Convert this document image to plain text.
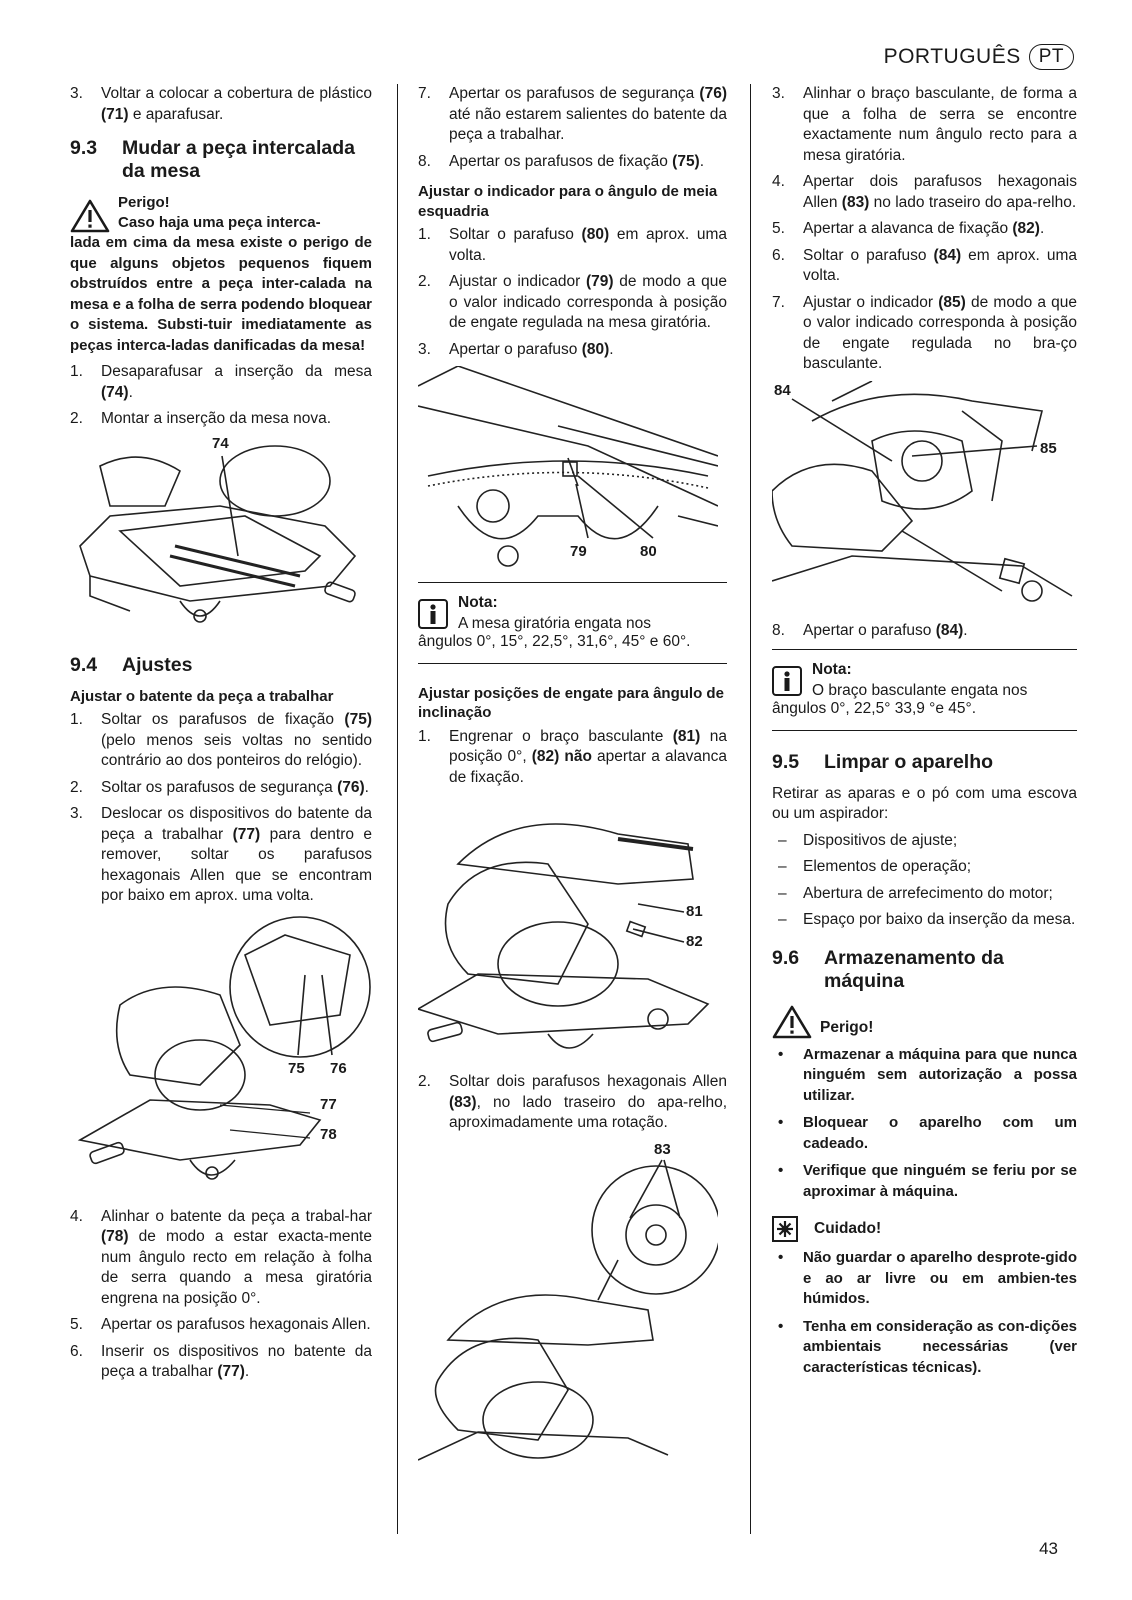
PORTUGUÊS PT
3.	Voltar a colocar a cobertura de plástico (71) e aparafusar.
9.3	Mudar a peça intercalada da mesa
Perigo!
Caso haja uma peça interca-
lada em cima da mesa existe o perigo de que alguns objetos pequenos fiquem obstruídos entre a peça inter-calada na mesa e a folha de serra podendo bloquear o sistema. Substi-tuir imediatamente as peças interca-ladas danificadas da mesa!
1.	Desaparafusar a inserção da mesa (74).
2.	Montar a inserção da mesa nova.
74
9.4	Ajustes
Ajustar o batente da peça a trabalhar
1.	Soltar os parafusos de fixação (75) (pelo menos seis voltas no sentido contrário ao dos ponteiros do relógio).
2.	Soltar os parafusos de segurança (76).
3.	Deslocar os dispositivos do batente da peça a trabalhar (77) para dentro e remover, soltar os parafusos hexagonais Allen que se encontram por baixo em aprox. uma volta.
75 76
77
78
4.	Alinhar o batente da peça a trabal-har (78) de modo a estar exacta-mente num ângulo recto em relação à folha de serra quando a mesa giratória engrena na posição 0°.
5.	Apertar os parafusos hexagonais Allen.
6.	Inserir os dispositivos no batente da peça a trabalhar (77).
7.	Apertar os parafusos de segurança (76) até não estarem salientes do batente da peça a trabalhar.
8.	Apertar os parafusos de fixação (75).
Ajustar o indicador para o ângulo de meia esquadria
1.	Soltar o parafuso (80) em aprox. uma volta.
2.	Ajustar o indicador (79) de modo a que o valor indicado corresponda à posição de engate regulada na mesa giratória.
3.	Apertar o parafuso (80).
79	80
Nota:
A mesa giratória engata nos
ângulos 0°, 15°, 22,5°, 31,6°, 45° e 60°.
Ajustar posições de engate para ângulo de inclinação
1.	Engrenar o braço basculante (81) na posição 0°, (82) não apertar a alavanca de fixação.
81
82
2.	Soltar dois parafusos hexagonais Allen (83), no lado traseiro do apa-relho, aproximadamente uma rotação.
83
3.	Alinhar o braço basculante, de forma a que a folha de serra se encontre exactamente num ângulo recto para a mesa giratória.
4.	Apertar dois parafusos hexagonais Allen (83) no lado traseiro do apa-relho.
5.	Apertar a alavanca de fixação (82).
6.	Soltar o parafuso (84) em aprox. uma volta.
7.	Ajustar o indicador (85) de modo a que o valor indicado corresponda à posição de engate regulada no bra-ço basculante.
84
85
8.	Apertar o parafuso (84).
Nota:
O braço basculante engata nos
ângulos 0°, 22,5° 33,9 °e 45°.
9.5	Limpar o aparelho
Retirar as aparas e o pó com uma escova ou um aspirador:
–	Dispositivos de ajuste;
–	Elementos de operação;
–	Abertura de arrefecimento do motor;
–	Espaço por baixo da inserção da mesa.
9.6	Armazenamento da máquina
Perigo!
•	Armazenar a máquina para que nunca ninguém sem autorização a possa utilizar.
•	Bloquear o aparelho com um cadeado.
•	Verifique que ninguém se feriu por se aproximar à máquina.
Cuidado!
•	Não guardar o aparelho desprote-gido e ao ar livre ou em ambien-tes húmidos.
•	Tenha em consideração as con-dições ambientais necessárias (ver características técnicas).
43
